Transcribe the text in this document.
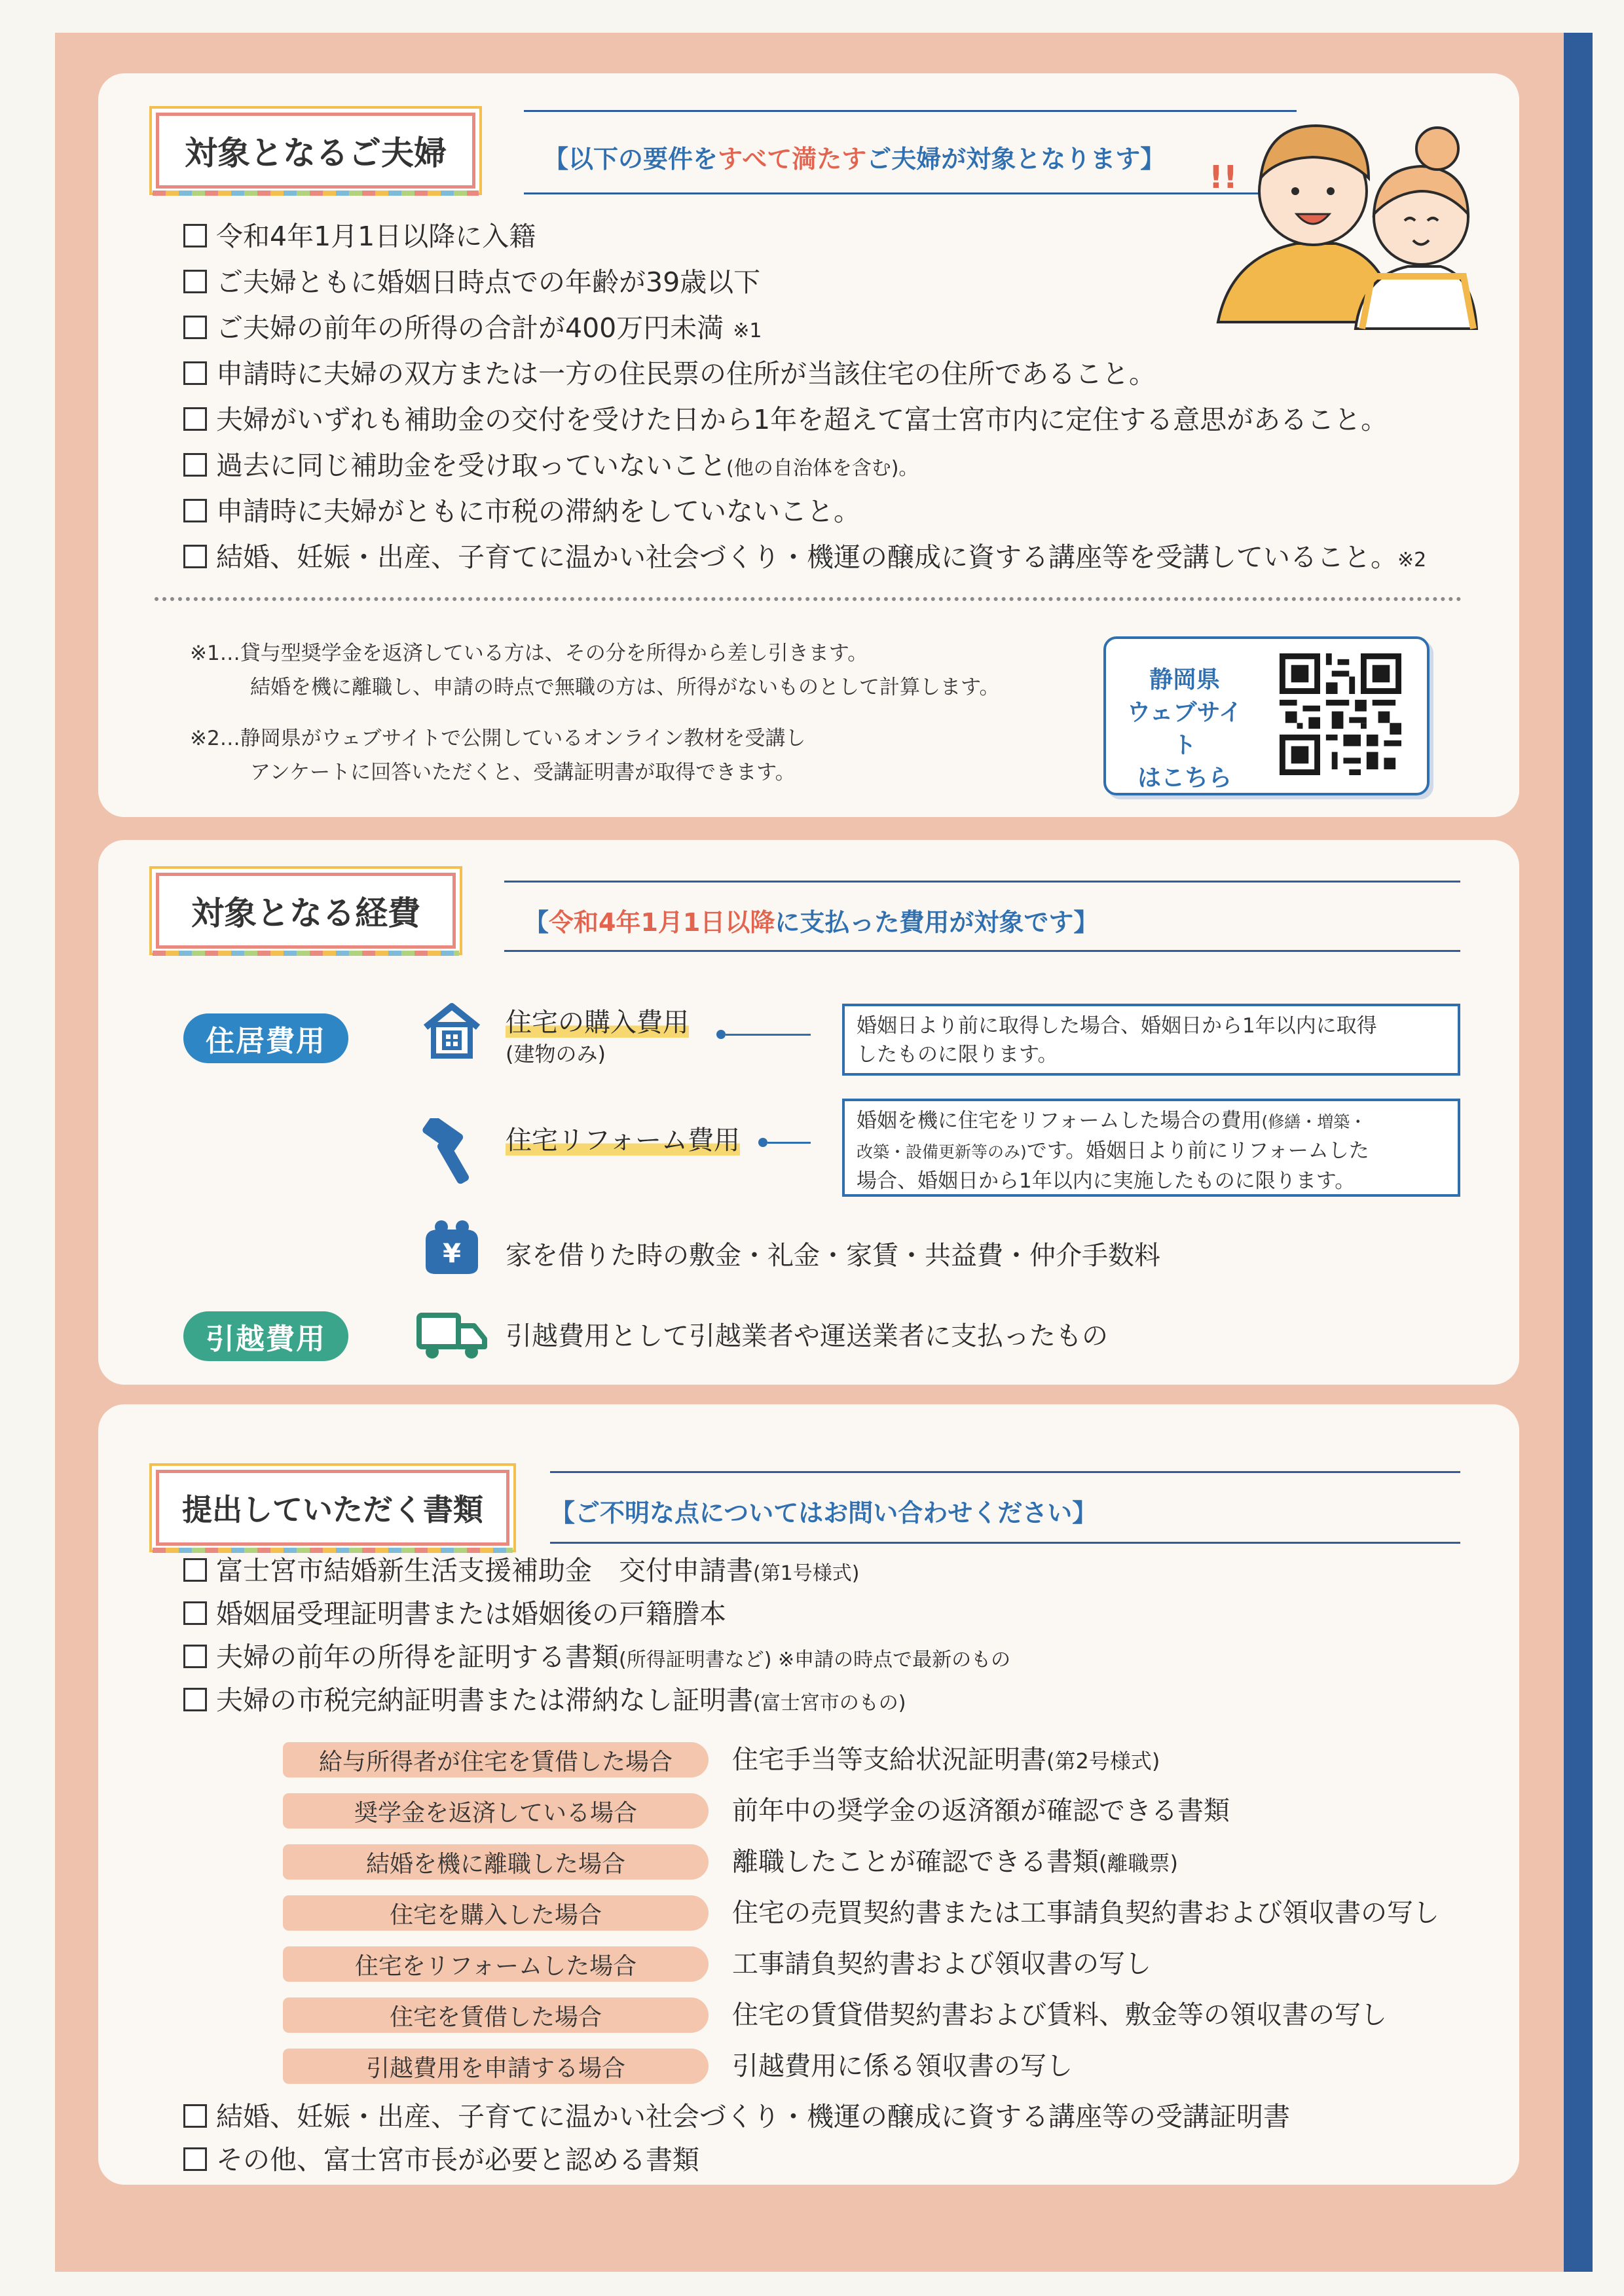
対象となるご夫婦	【以下の要件をすべて満たすご夫婦が対象となります】 !!
令和4年1月1日以降に入籍
ご夫婦ともに婚姻日時点での年齢が39歳以下
ご夫婦の前年の所得の合計が400万円未満 ※1
申請時に夫婦の双方または一方の住民票の住所が当該住宅の住所であること。
夫婦がいずれも補助金の交付を受けた日から1年を超えて富士宮市内に定住する意思があること。
過去に同じ補助金を受け取っていないこと(他の自治体を含む)。
申請時に夫婦がともに市税の滞納をしていないこと。
結婚、妊娠・出産、子育てに温かい社会づくり・機運の醸成に資する講座等を受講していること。※2
※1…貸与型奨学金を返済している方は、その分を所得から差し引きます。
結婚を機に離職し、申請の時点で無職の方は、所得がないものとして計算します。
※2…静岡県がウェブサイトで公開しているオンライン教材を受講し
アンケートに回答いただくと、受講証明書が取得できます。
静岡県
ウェブサイト
はこちら
対象となる経費	【令和4年1月1日以降に支払った費用が対象です】
住居費用
住宅の購入費用
(建物のみ)
婚姻日より前に取得した場合、婚姻日から1年以内に取得
したものに限ります。
住宅リフォーム費用
婚姻を機に住宅をリフォームした場合の費用(修繕・増築・
改築・設備更新等のみ)です。婚姻日より前にリフォームした
場合、婚姻日から1年以内に実施したものに限ります。
¥ 家を借りた時の敷金・礼金・家賃・共益費・仲介手数料
引越費用	引越費用として引越業者や運送業者に支払ったもの
提出していただく書類	【ご不明な点についてはお問い合わせください】
富士宮市結婚新生活支援補助金　交付申請書(第1号様式)
婚姻届受理証明書または婚姻後の戸籍謄本
夫婦の前年の所得を証明する書類(所得証明書など) ※申請の時点で最新のもの
夫婦の市税完納証明書または滞納なし証明書(富士宮市のもの)
給与所得者が住宅を賃借した場合	住宅手当等支給状況証明書(第2号様式)
奨学金を返済している場合	前年中の奨学金の返済額が確認できる書類
結婚を機に離職した場合	離職したことが確認できる書類(離職票)
住宅を購入した場合	住宅の売買契約書または工事請負契約書および領収書の写し
住宅をリフォームした場合	工事請負契約書および領収書の写し
住宅を賃借した場合	住宅の賃貸借契約書および賃料、敷金等の領収書の写し
引越費用を申請する場合	引越費用に係る領収書の写し
結婚、妊娠・出産、子育てに温かい社会づくり・機運の醸成に資する講座等の受講証明書
その他、富士宮市長が必要と認める書類
